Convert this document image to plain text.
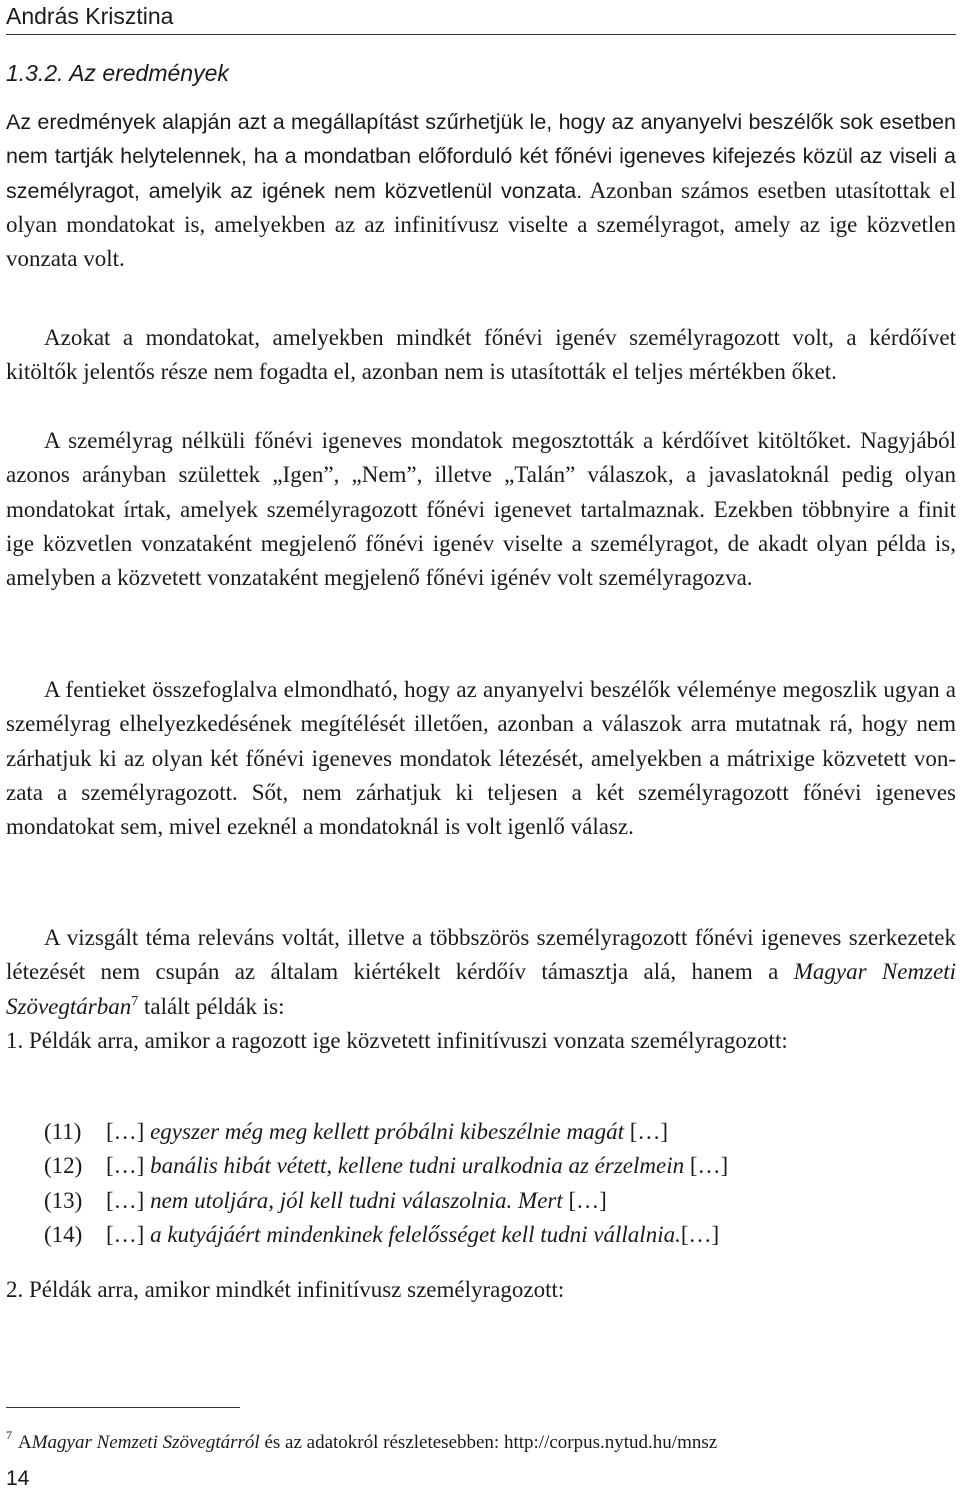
András Krisztina
1.3.2. Az eredmények

Az eredmények alapján azt a megállapítást szűrhetjük le, hogy az anyanyelvi beszélők sok esetben nem tartják helytelennek, ha a mondatban előforduló két főnévi igeneves kifejezés közül az viseli a személyragot, amelyik az igének nem közvetlenül vonzata. Azonban számos esetben utasítottak el olyan mondatokat is, amelyekben az az infinitívusz viselte a személyragot, amely az ige közvetlen vonzata volt.

Azokat a mondatokat, amelyekben mindkét főnévi igenév személyragozott volt, a kérdőívet kitöltők jelentős része nem fogadta el, azonban nem is utasították el teljes mértékben őket.

A személyrag nélküli főnévi igeneves mondatok megosztották a kérdőívet kitöltőket. Nagyjából azonos arányban születtek „Igen”, „Nem”, illetve „Talán” válaszok, a javaslatoknál pedig olyan mondatokat írtak, amelyek személyragozott főnévi igenevet tartalmaznak. Ezekben többnyire a finit ige közvetlen vonzataként megjelenő főnévi igenév viselte a személyragot, de akadt olyan példa is, amelyben a közvetett vonzataként megjelenő főnévi igénév volt személyragozva.

A fentieket összefoglalva elmondható, hogy az anyanyelvi beszélők véleménye megoszlik ugyan a személyrag elhelyezkedésének megítélését illetően, azonban a válaszok arra mutatnak rá, hogy nem zárhatjuk ki az olyan két főnévi igeneves mondatok létezését, amelyekben a mátrixige közvetett vonzata a személyragozott. Sőt, nem zárhatjuk ki teljesen a két személyragozott főnévi igeneves mondatokat sem, mivel ezeknél a mondatoknál is volt igenlő válasz.

A vizsgált téma releváns voltát, illetve a többszörös személyragozott főnévi igeneves szerkezetek létezését nem csupán az általam kiértékelt kérdőív támasztja alá, hanem a Magyar Nemzeti Szövegtárban$^7$ talált példák is:

1. Példák arra, amikor a ragozott ige közvetett infinitívuszi vonzata személyragozott:

(11) […] egyszer még meg kellett próbálni kibeszélnie magát […]
(12) […] banális hibát vétett, kellene tudni uralkodnia az érzelmein […]
(13) […] nem utoljára, jól kell tudni válaszolnia. Mert […]
(14) […] a kutyájáért mindenkinek felelősséget kell tudni vállalnia.[…]

2. Példák arra, amikor mindkét infinitívusz személyragozott:

$^7$ AMagyar Nemzeti Szövegtárról és az adatokról részletesebben: http://corpus.nytud.hu/mnsz
14
